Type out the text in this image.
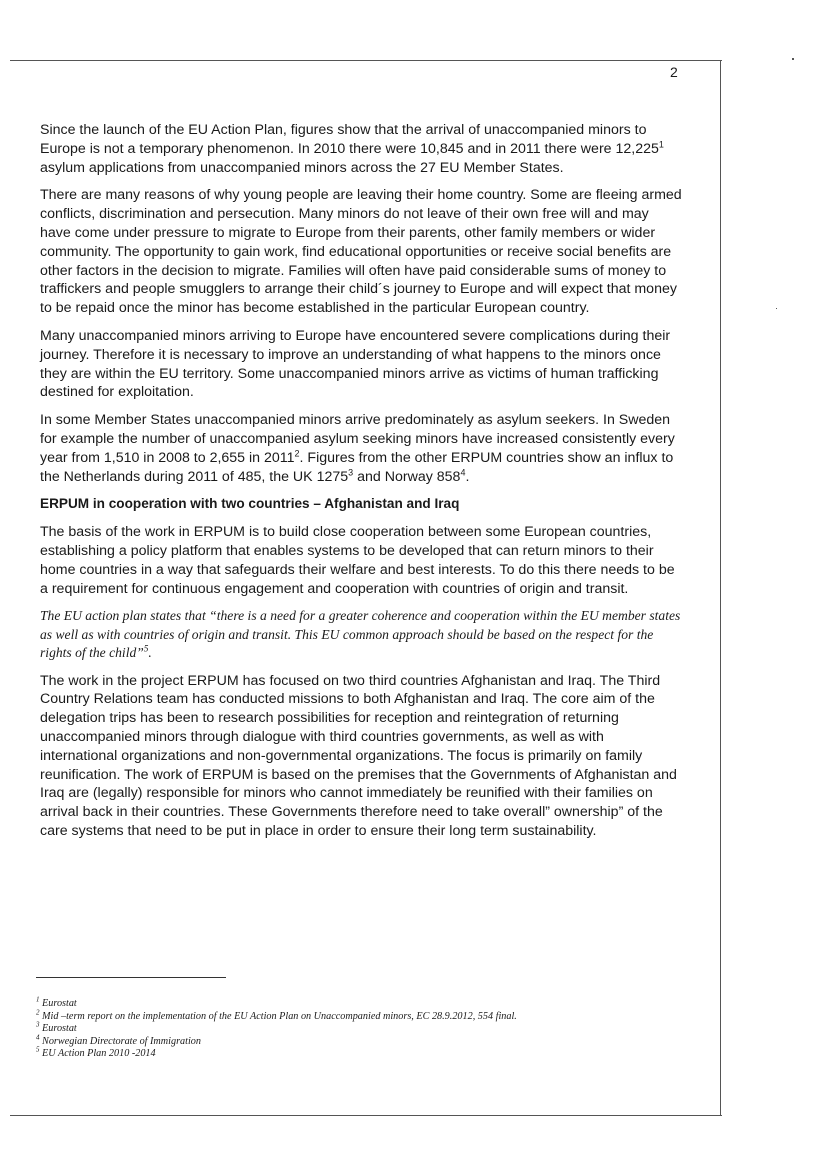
2

Since the launch of the EU Action Plan, figures show that the arrival of unaccompanied minors to Europe is not a temporary phenomenon. In 2010 there were 10,845 and in 2011 there were 12,225$^1$ asylum applications from unaccompanied minors across the 27 EU Member States.

There are many reasons of why young people are leaving their home country. Some are fleeing armed conflicts, discrimination and persecution. Many minors do not leave of their own free will and may have come under pressure to migrate to Europe from their parents, other family members or wider community. The opportunity to gain work, find educational opportunities or receive social benefits are other factors in the decision to migrate. Families will often have paid considerable sums of money to traffickers and people smugglers to arrange their child´s journey to Europe and will expect that money to be repaid once the minor has become established in the particular European country.

Many unaccompanied minors arriving to Europe have encountered severe complications during their journey. Therefore it is necessary to improve an understanding of what happens to the minors once they are within the EU territory. Some unaccompanied minors arrive as victims of human trafficking destined for exploitation.

In some Member States unaccompanied minors arrive predominately as asylum seekers. In Sweden for example the number of unaccompanied asylum seeking minors have increased consistently every year from 1,510 in 2008 to 2,655 in 2011$^2$. Figures from the other ERPUM countries show an influx to the Netherlands during 2011 of 485, the UK 1275$^3$ and Norway $858^4$.

ERPUM in cooperation with two countries – Afghanistan and Iraq

The basis of the work in ERPUM is to build close cooperation between some European countries, establishing a policy platform that enables systems to be developed that can return minors to their home countries in a way that safeguards their welfare and best interests. To do this there needs to be a requirement for continuous engagement and cooperation with countries of origin and transit.

The EU action plan states that “there is a need for a greater coherence and cooperation within the EU member states as well as with countries of origin and transit. This EU common approach should be based on the respect for the rights of the child”$^5$.

The work in the project ERPUM has focused on two third countries Afghanistan and Iraq. The Third Country Relations team has conducted missions to both Afghanistan and Iraq. The core aim of the delegation trips has been to research possibilities for reception and reintegration of returning unaccompanied minors through dialogue with third countries governments, as well as with international organizations and non-governmental organizations. The focus is primarily on family reunification. The work of ERPUM is based on the premises that the Governments of Afghanistan and Iraq are (legally) responsible for minors who cannot immediately be reunified with their families on arrival back in their countries. These Governments therefore need to take overall” ownership” of the care systems that need to be put in place in order to ensure their long term sustainability.

$^1$ Eurostat
$^2$ Mid –term report on the implementation of the EU Action Plan on Unaccompanied minors, EC 28.9.2012, 554 final.
$^3$ Eurostat
$^4$ Norwegian Directorate of Immigration
$^5$ EU Action Plan 2010 -2014
